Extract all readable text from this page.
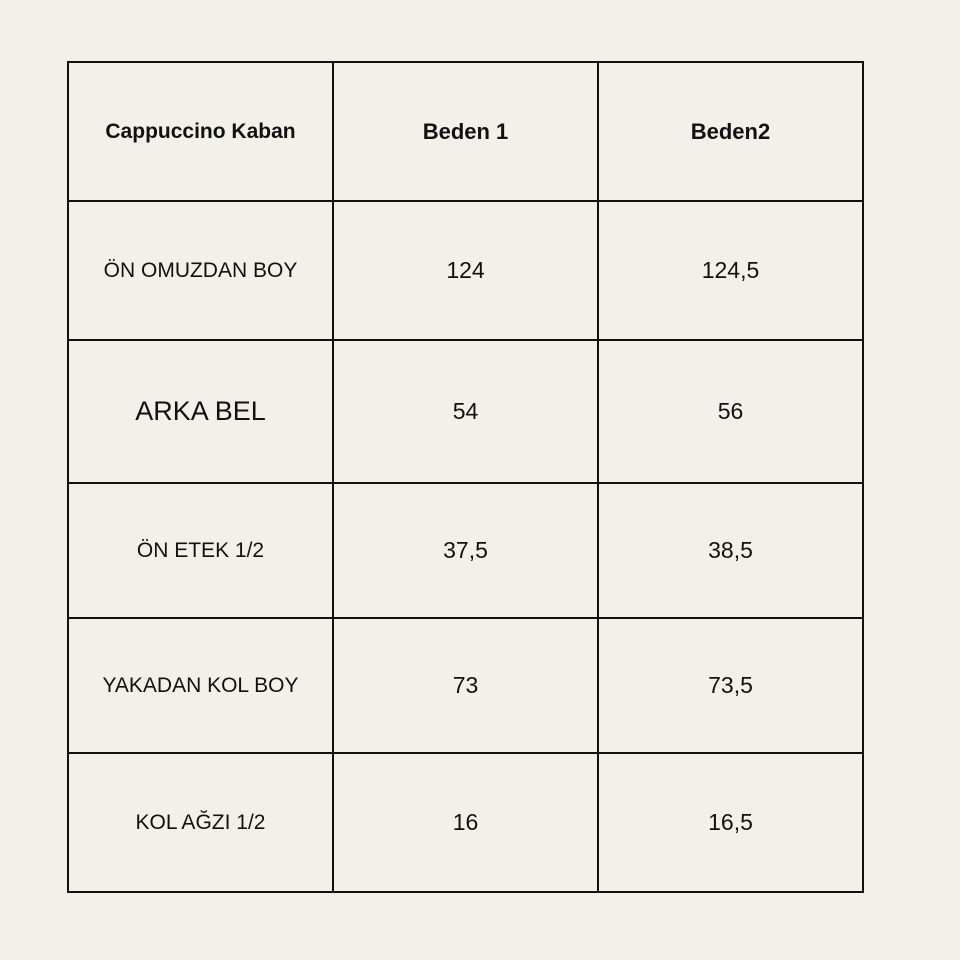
Cappuccino Kaban	Beden 1	Beden2
ÖN OMUZDAN BOY	124	124,5
ARKA BEL	54	56
ÖN ETEK 1/2	37,5	38,5
YAKADAN KOL BOY	73	73,5
KOL AĞZI 1/2	16	16,5
